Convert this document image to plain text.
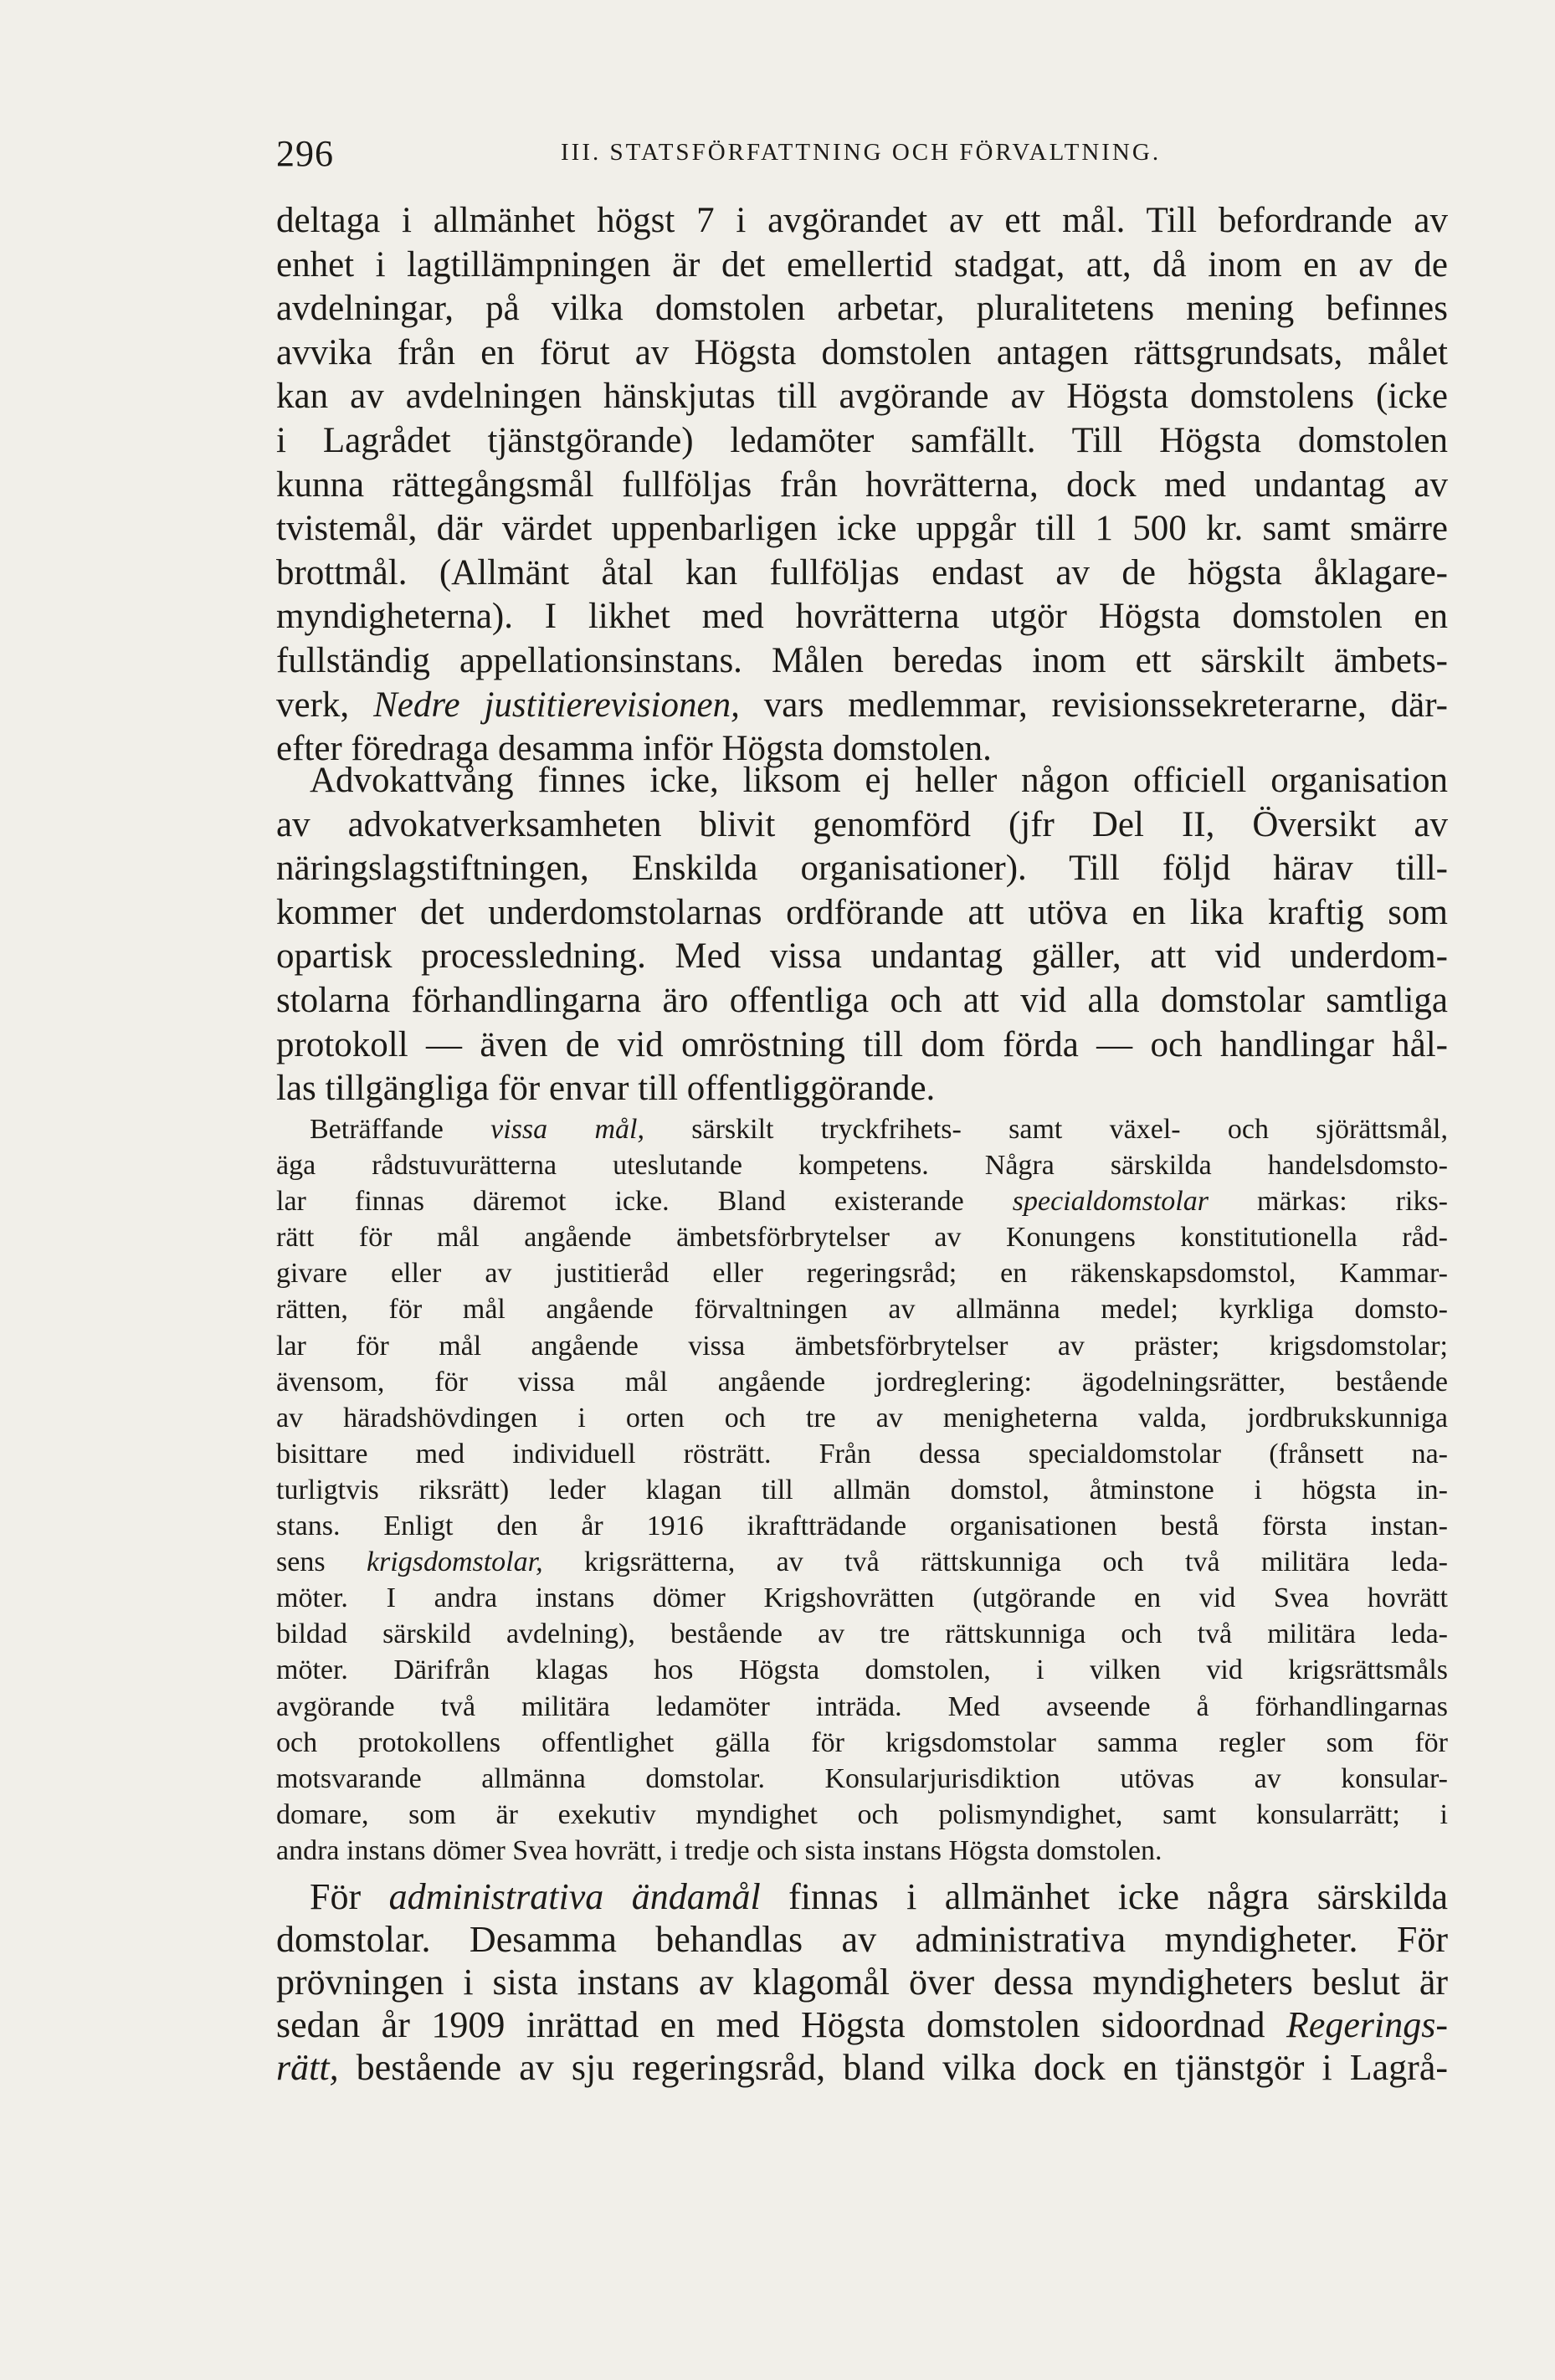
296	III. STATSFÖRFATTNING OCH FÖRVALTNING.
deltaga i allmänhet högst 7 i avgörandet av ett mål. Till befordrande av
enhet i lagtillämpningen är det emellertid stadgat, att, då inom en av de
avdelningar, på vilka domstolen arbetar, pluralitetens mening befinnes
avvika från en förut av Högsta domstolen antagen rättsgrundsats, målet
kan av avdelningen hänskjutas till avgörande av Högsta domstolens (icke
i Lagrådet tjänstgörande) ledamöter samfällt. Till Högsta domstolen
kunna rättegångsmål fullföljas från hovrätterna, dock med undantag av
tvistemål, där värdet uppenbarligen icke uppgår till 1 500 kr. samt smärre
brottmål. (Allmänt åtal kan fullföljas endast av de högsta åklagare-
myndigheterna). I likhet med hovrätterna utgör Högsta domstolen en
fullständig appellationsinstans. Målen beredas inom ett särskilt ämbets-
verk, Nedre justitierevisionen, vars medlemmar, revisionssekreterarne, där-
efter föredraga desamma inför Högsta domstolen.
Advokattvång finnes icke, liksom ej heller någon officiell organisation
av advokatverksamheten blivit genomförd (jfr Del II, Översikt av
näringslagstiftningen, Enskilda organisationer). Till följd härav till-
kommer det underdomstolarnas ordförande att utöva en lika kraftig som
opartisk processledning. Med vissa undantag gäller, att vid underdom-
stolarna förhandlingarna äro offentliga och att vid alla domstolar samtliga
protokoll — även de vid omröstning till dom förda — och handlingar hål-
las tillgängliga för envar till offentliggörande.
Beträffande vissa mål, särskilt tryckfrihets- samt växel- och sjörättsmål,
äga rådstuvurätterna uteslutande kompetens. Några särskilda handelsdomsto-
lar finnas däremot icke. Bland existerande specialdomstolar märkas: riks-
rätt för mål angående ämbetsförbrytelser av Konungens konstitutionella råd-
givare eller av justitieråd eller regeringsråd; en räkenskapsdomstol, Kammar-
rätten, för mål angående förvaltningen av allmänna medel; kyrkliga domsto-
lar för mål angående vissa ämbetsförbrytelser av präster; krigsdomstolar;
ävensom, för vissa mål angående jordreglering: ägodelningsrätter, bestående
av häradshövdingen i orten och tre av menigheterna valda, jordbrukskunniga
bisittare med individuell rösträtt. Från dessa specialdomstolar (frånsett na-
turligtvis riksrätt) leder klagan till allmän domstol, åtminstone i högsta in-
stans. Enligt den år 1916 ikraftträdande organisationen bestå första instan-
sens krigsdomstolar, krigsrätterna, av två rättskunniga och två militära leda-
möter. I andra instans dömer Krigshovrätten (utgörande en vid Svea hovrätt
bildad särskild avdelning), bestående av tre rättskunniga och två militära leda-
möter. Därifrån klagas hos Högsta domstolen, i vilken vid krigsrättsmåls
avgörande två militära ledamöter inträda. Med avseende å förhandlingarnas
och protokollens offentlighet gälla för krigsdomstolar samma regler som för
motsvarande allmänna domstolar. Konsularjurisdiktion utövas av konsular-
domare, som är exekutiv myndighet och polismyndighet, samt konsularrätt; i
andra instans dömer Svea hovrätt, i tredje och sista instans Högsta domstolen.
För administrativa ändamål finnas i allmänhet icke några särskilda
domstolar. Desamma behandlas av administrativa myndigheter. För
prövningen i sista instans av klagomål över dessa myndigheters beslut är
sedan år 1909 inrättad en med Högsta domstolen sidoordnad Regerings-
rätt, bestående av sju regeringsråd, bland vilka dock en tjänstgör i Lagrå-
